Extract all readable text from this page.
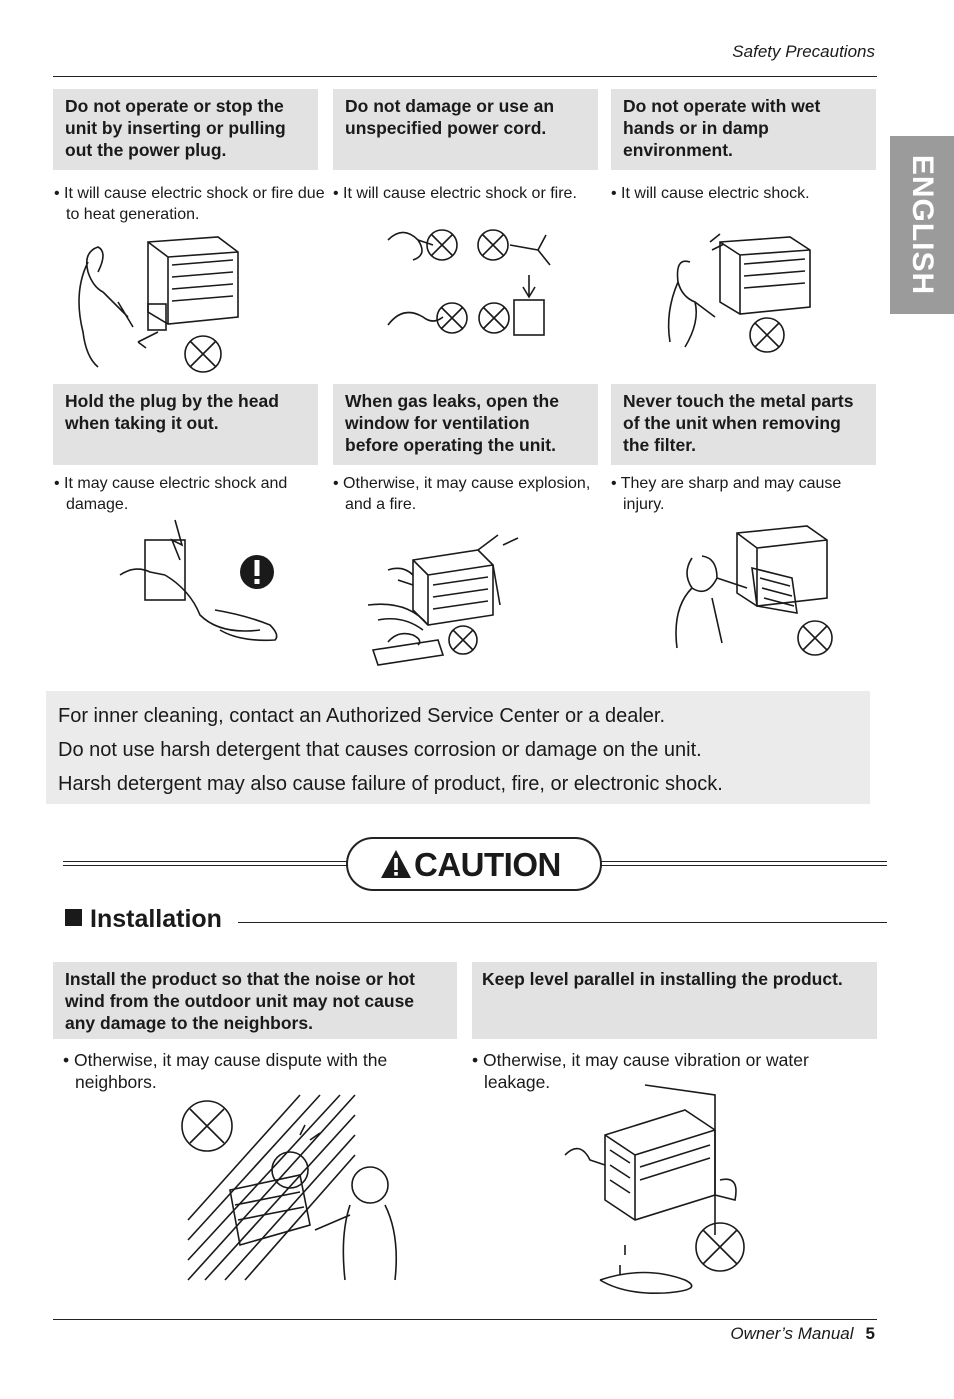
Safety Precautions
ENGLISH
Do not operate or stop the unit by inserting or pulling out the power plug.
Do not damage or use an unspecified power cord.
Do not operate with wet hands or in damp environment.
• It will cause electric shock or fire due to heat generation.
• It will cause electric shock or fire.	• It will cause electric shock.
Hold the plug by the head when taking it out.
When gas leaks, open the window for ventilation before operating the unit.
Never touch the metal parts of the unit when removing the filter.
• It may cause electric shock and damage.
• Otherwise, it may cause explosion, and a fire.
• They are sharp and may cause injury.
For inner cleaning, contact an Authorized Service Center or a dealer.
Do not use harsh detergent that causes corrosion or damage on the unit.
Harsh detergent may also cause failure of product, fire, or electronic shock.
CAUTION
Installation
Install the product so that the noise or hot wind from the outdoor unit may not cause any damage to the neighbors.
Keep level parallel in installing the product.
• Otherwise, it may cause dispute with the neighbors.
• Otherwise, it may cause vibration or water leakage.
Owner’s Manual 5
